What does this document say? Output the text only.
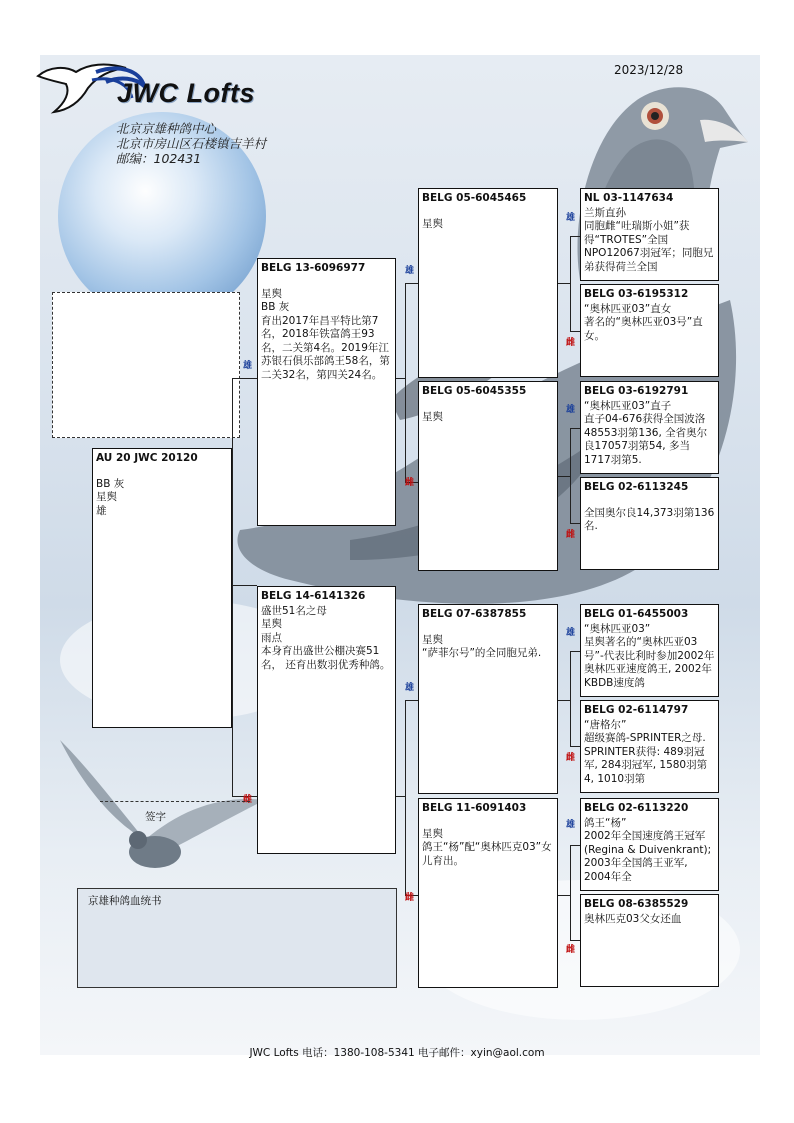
JWC Lofts
北京京雄种鸽中心
北京市房山区石楼镇吉羊村
邮编：102431
2023/12/28
雄
雌
雄
雌
雄
雌
雄
雌
雄
雌
雄
雌
雄
雌
AU 20 JWC 20120
BB 灰
星舆
雄
BELG 13-6096977
星舆
BB 灰
育出2017年昌平特比第7名，2018年铁富鸽王93名，二关第4名。2019年江苏银石俱乐部鸽王58名，第二关32名，第四关24名。
BELG 14-6141326
盛世51名之母
星舆
雨点
本身育出盛世公棚决赛51名， 还育出数羽优秀种鸽。
BELG 05-6045465
星舆
BELG 05-6045355
星舆
BELG 07-6387855
星舆
“萨菲尔号”的全同胞兄弟.
BELG 11-6091403
星舆
鸽王“杨”配“奥林匹克03”女儿育出。
NL 03-1147634
兰斯直孙
同胞雌“吐瑞斯小姐”获得“TROTES”全国NPO12067羽冠军；同胞兄弟获得荷兰全国
BELG 03-6195312
“奥林匹亚03”直女
著名的“奥林匹亚03号”直女。
BELG 03-6192791
“奥林匹亚03”直子
直子04-676获得全国波洛48553羽第136, 全省奥尔良17057羽第54, 多当1717羽第5.
BELG 02-6113245
全国奥尔良14,373羽第136名.
BELG 01-6455003
“奥林匹亚03”
星舆著名的“奥林匹亚03号”-代表比利时参加2002年奥林匹亚速度鸽王, 2002年KBDB速度鸽
BELG 02-6114797
“唐格尔”
超级赛鸽-SPRINTER之母. SPRINTER获得: 489羽冠军, 284羽冠军, 1580羽第4, 1010羽第
BELG 02-6113220
鸽王“杨”
2002年全国速度鸽王冠军(Regina & Duivenkrant); 2003年全国鸽王亚军, 2004年全
BELG 08-6385529
奥林匹克03父女还血
签字
京雄种鸽血统书
JWC Lofts 电话：1380-108-5341 电子邮件：xyin@aol.com
